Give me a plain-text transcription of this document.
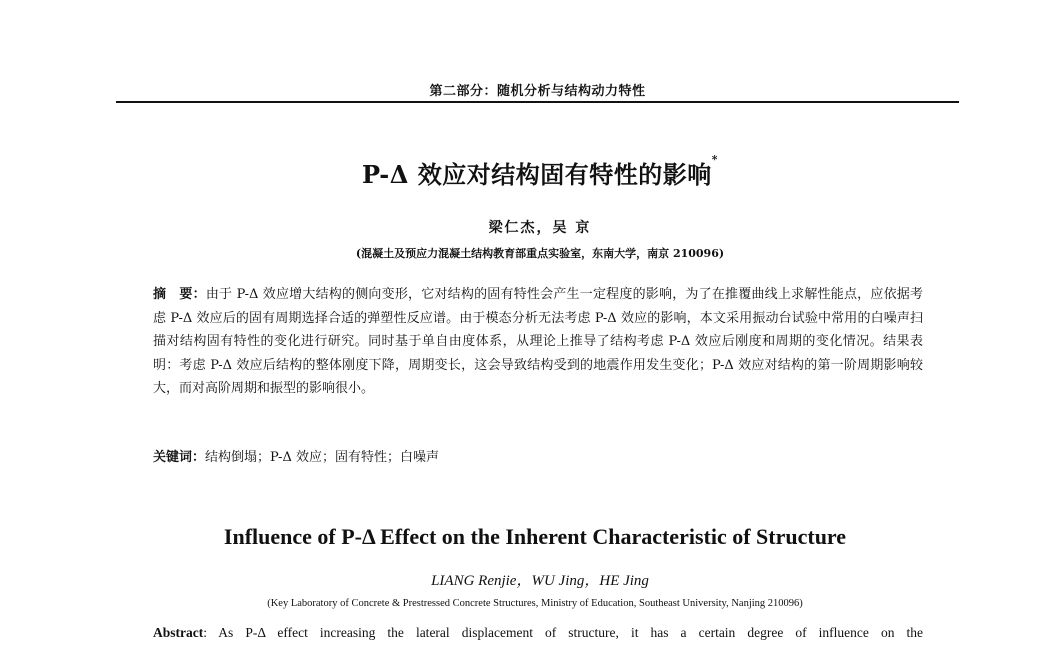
第二部分：随机分析与结构动力特性
P-Δ 效应对结构固有特性的影响*
梁仁杰，吴 京
(混凝土及预应力混凝土结构教育部重点实验室，东南大学，南京 210096)
摘　要：由于 P-Δ 效应增大结构的侧向变形，它对结构的固有特性会产生一定程度的影响，为了在推覆曲线上求解性能点，应依据考虑 P-Δ 效应后的固有周期选择合适的弹塑性反应谱。由于模态分析无法考虑 P-Δ 效应的影响，本文采用振动台试验中常用的白噪声扫描对结构固有特性的变化进行研究。同时基于单自由度体系，从理论上推导了结构考虑 P-Δ 效应后刚度和周期的变化情况。结果表明：考虑 P-Δ 效应后结构的整体刚度下降，周期变长，这会导致结构受到的地震作用发生变化；P-Δ 效应对结构的第一阶周期影响较大，而对高阶周期和振型的影响很小。
关键词：结构倒塌；P-Δ 效应；固有特性；白噪声
Influence of P-Δ Effect on the Inherent Characteristic of Structure
LIANG Renjie，WU Jing，HE Jing
(Key Laboratory of Concrete & Prestressed Concrete Structures, Ministry of Education, Southeast University, Nanjing 210096)
Abstract: As P-Δ effect increasing the lateral displacement of structure, it has a certain degree of influence on the
